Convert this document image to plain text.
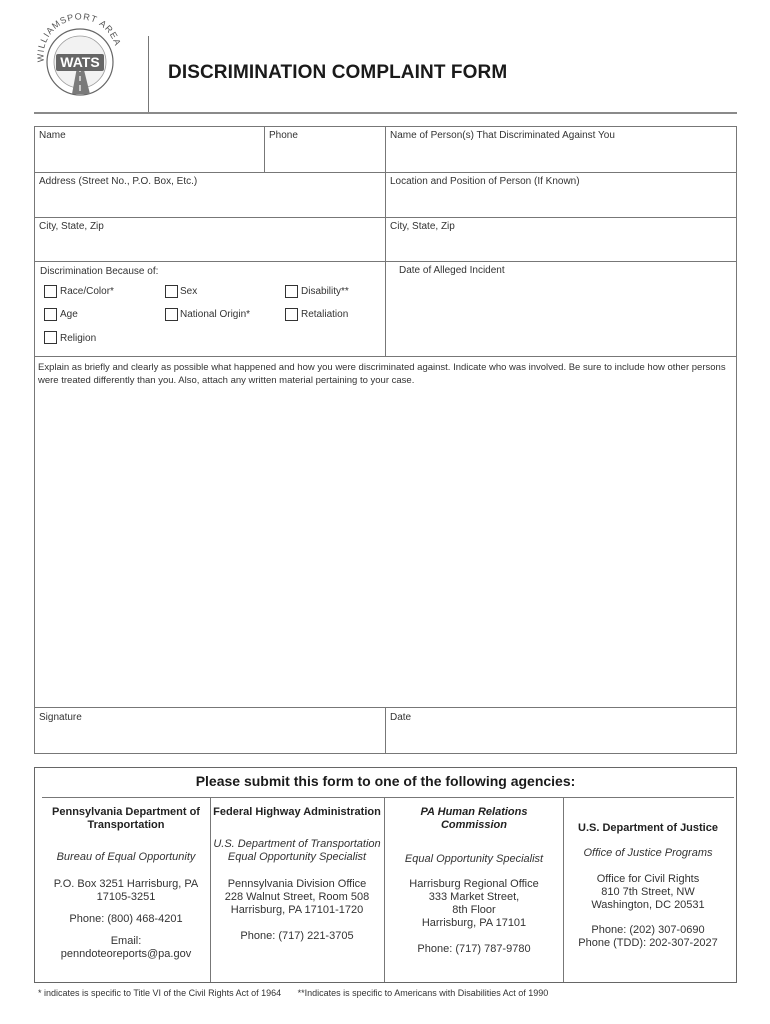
WATS
WILLIAMSPORT AREA
DISCRIMINATION COMPLAINT FORM
Name	Phone	Name of Person(s) That Discriminated Against You
Address (Street No., P.O. Box, Etc.)	Location and Position of Person (If Known)
City, State, Zip	City, State, Zip
Discrimination Because of:	Date of Alleged Incident
Race/Color*	Sex	Disability**
Age	National Origin*	Retaliation
Religion
Explain as briefly and clearly as possible what happened and how you were discriminated against. Indicate who was involved. Be sure to include how other persons were treated differently than you. Also, attach any written material pertaining to your case.
Signature	Date
Please submit this form to one of the following agencies:
Pennsylvania Department of Transportation
Bureau of Equal Opportunity
P.O. Box 3251 Harrisburg, PA 17105-3251
Phone: (800) 468-4201
Email:
penndoteoreports@pa.gov
Federal Highway Administration
U.S. Department of Transportation Equal Opportunity Specialist
Pennsylvania Division Office
228 Walnut Street, Room 508
Harrisburg, PA 17101-1720
Phone: (717) 221-3705
PA Human Relations Commission
Equal Opportunity Specialist
Harrisburg Regional Office
333 Market Street,
8th Floor
Harrisburg, PA 17101
Phone: (717) 787-9780
U.S. Department of Justice
Office of Justice Programs
Office for Civil Rights
810 7th Street, NW
Washington, DC 20531
Phone: (202) 307-0690
Phone (TDD): 202-307-2027
* indicates is specific to Title VI of the Civil Rights Act of 1964 **Indicates is specific to Americans with Disabilities Act of 1990
